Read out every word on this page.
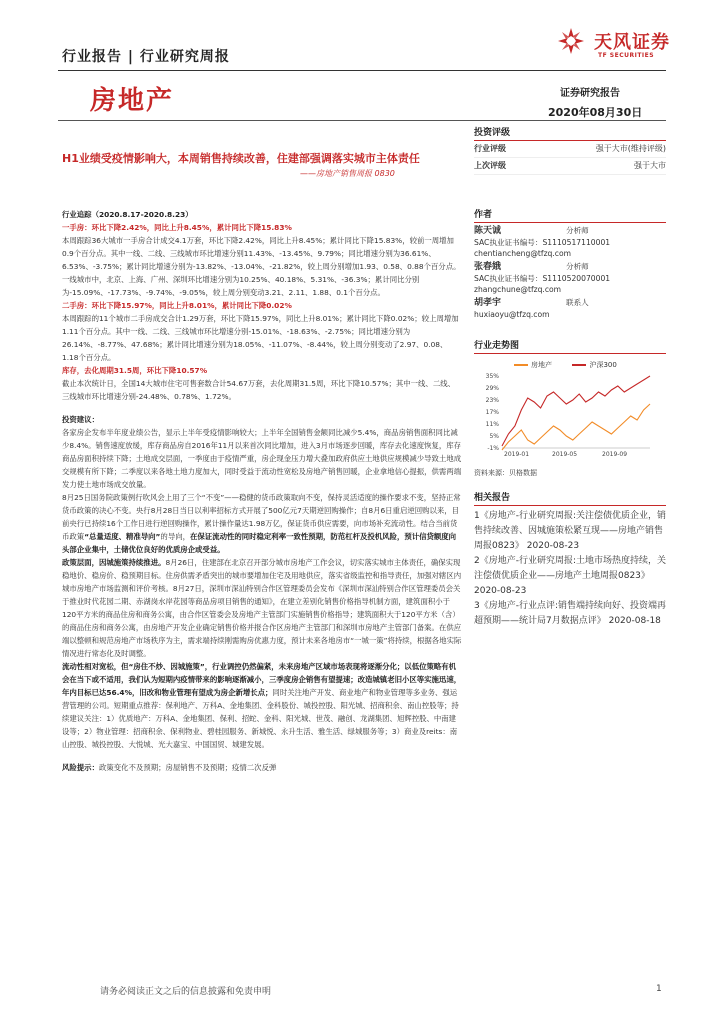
行业报告 | 行业研究周报
天风证券
TF SECURITIES
房地产	证券研究报告
2020年08月30日
H1业绩受疫情影响大，本周销售持续改善，住建部强调落实城市主体责任
——房地产销售周报 0830

行业追踪（2020.8.17-2020.8.23）

一手房：环比下降2.42%，同比上升8.45%，累计同比下降15.83%

本周跟踪36大城市一手房合计成交4.1万套，环比下降2.42%，同比上升8.45%；累计同比下降15.83%，较前一周增加0.9个百分点。其中一线、二线、三线城市环比增速分别11.43%、-13.45%、9.79%；同比增速分别为36.61%、6.53%、-3.75%；累计同比增速分别为-13.82%、-13.04%、-21.82%，较上周分别增加1.93、0.58、0.88个百分点。一线城市中，北京、上海、广州、深圳环比增速分别为10.25%、40.18%、5.31%、-36.3%；累计同比分别为-15.09%、-17.73%、-9.74%、-9.05%，较上周分别变动3.21、2.11、1.88、0.1个百分点。

二手房：环比下降15.97%，同比上升8.01%，累计同比下降0.02%

本周跟踪的11个城市二手房成交合计1.29万套，环比下降15.97%，同比上升8.01%；累计同比下降0.02%；较上周增加1.11个百分点。其中一线、二线、三线城市环比增速分别-15.01%、-18.63%、-2.75%；同比增速分别为26.14%、-8.77%、47.68%；累计同比增速分别为18.05%、-11.07%、-8.44%，较上周分别变动了2.97、0.08、1.18个百分点。

库存，去化周期31.5周，环比下降10.57%

截止本次统计日，全国14大城市住宅可售套数合计54.67万套，去化周期31.5周，环比下降10.57%；其中一线、二线、三线城市环比增速分别-24.48%、0.78%、1.72%。

投资建议：

各家房企发布半年度业绩公告，显示上半年受疫情影响较大；上半年全国销售金额同比减少5.4%，商品房销售面积同比减少8.4%。销售速度放缓，库存商品房自2016年11月以来首次同比增加，进入3月市场逐步回暖，库存去化速度恢复，库存商品房面积持续下降；土地成交层面，一季度由于疫情严重，房企现金压力增大叠加政府供应土地供应规模减少导致土地成交规模有所下降；二季度以来各地土地力度加大，同时受益于流动性宽松及房地产销售回暖，企业拿地信心提振，供需两端发力使土地市场成交放量。

8月25日国务院政策例行吹风会上用了三个“不变”——稳健的货币政策取向不变，保持灵活适度的操作要求不变，坚持正常货币政策的决心不变。央行8月28日当日以利率招标方式开展了500亿元7天期逆回购操作；自8月6日重启逆回购以来，目前央行已持续16个工作日进行逆回购操作，累计操作量达1.98万亿，保证货币供应需要，向市场补充流动性。结合当前货币政策“总量适度、精准导向”的导向，在保证流动性的同时稳定利率一致性预期，防范杠杆及投机风险，预计信贷额度向头部企业集中，土储优位良好的优质房企或受益。

政策层面，因城施策持续推进。8月26日，住建部在北京召开部分城市房地产工作会议，切实落实城市主体责任，确保实现稳地价、稳房价、稳预期目标。住房供需矛盾突出的城市要增加住宅及用地供应，落实省级监控和指导责任，加强对辖区内城市房地产市场监测和评价考核。8月27日，深圳市深汕特别合作区管理委员会发布《深圳市深汕特别合作区管理委员会关于推业时代花园二期、赤湖岗水岸花园等商品房项目销售的通知》，在建立差别化销售价格指导机制方面，建筑面积小于120平方米的商品住房和商务公寓，由合作区管委会及房地产主管部门实施销售价格指导；建筑面积大于120平方米（含）的商品住房和商务公寓，由房地产开发企业确定销售价格并报合作区房地产主管部门和深圳市房地产主管部门备案。在供应端以整顿和规范房地产市场秩序为主，需求端持续刚需购房优惠力度，预计未来各地房市“一城一策”将持续，根据各地实际情况进行常态化及时调整。

流动性相对宽松，但“房住不炒、因城施策”，行业调控仍然偏紧，未来房地产区域市场表现将逐渐分化；以低位策略有机会在当下或不适用，我们认为短期内疫情带来的影响逐渐减小，三季度房企销售有望提速；改造城镇老旧小区等实施迅速，年内目标已达56.4%，旧改和物业管理有望成为房企新增长点；同时关注地产开发、商业地产和物业管理等多业务、强运营管理的公司。短期重点推荐：保利地产、万科A、金地集团、金科股份、城投控股、阳光城、招商积余、南山控股等；持续建议关注：1）优质地产：万科A、金地集团、保利、招蛇、金科、阳光城、世茂、融创、龙湖集团、旭辉控股、中南建设等；2）物业管理：招商积余、保利物业、碧桂园服务、新城悦、永升生活、雅生活、绿城服务等；3）商业及reits：南山控股、城投控股、大悦城、光大嘉宝、中国国贸、城建发展。

风险提示：政策变化不及预期；房屋销售不及预期；疫情二次反弹

投资评级
行业评级	强于大市(维持评级)
上次评级	强于大市
作者
陈天诚	分析师
SAC执业证书编号：S1110517110001
chentiancheng@tfzq.com
张春娥	分析师
SAC执业证书编号：S1110520070001
zhangchune@tfzq.com
胡孝宇	联系人
huxiaoyu@tfzq.com
行业走势图
房地产	沪深300
35%
29%
23%
17%
11%
5%
-1%
2019-01	2019-05	2019-09
资料来源：贝格数据
相关报告
1《房地产-行业研究周报:关注偿债优质企业，销售持续改善、因城施策松紧互现——房地产销售周报0823》 2020-08-23
2《房地产-行业研究周报:土地市场热度持续，关注偿债优质企业——房地产土地周报0823》 2020-08-23
3《房地产-行业点评:销售端持续向好、投资端再超预期——统计局7月数据点评》 2020-08-18
请务必阅读正文之后的信息披露和免责申明	1
